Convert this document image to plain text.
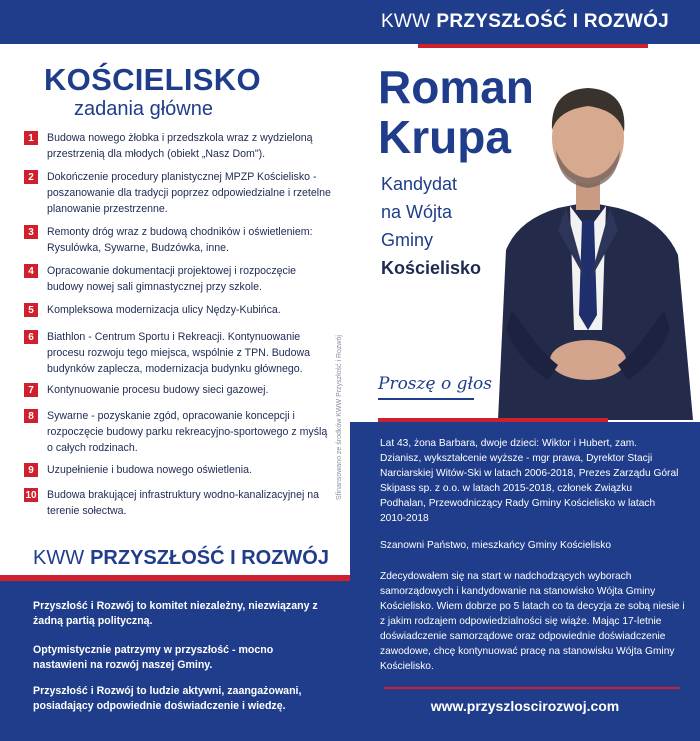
KWW PRZYSZŁOŚĆ I ROZWÓJ
KOŚCIELISKO
zadania główne
1	Budowa nowego żłobka i przedszkola wraz z wydzieloną przestrzenią dla młodych (obiekt „Nasz Dom").
2	Dokończenie procedury planistycznej MPZP Kościelisko - poszanowanie dla tradycji poprzez odpowiedzialne i rzetelne planowanie przestrzenne.
3	Remonty dróg wraz z budową chodników i oświetleniem: Rysulówka, Sywarne, Budzówka, inne.
4	Opracowanie dokumentacji projektowej i rozpoczęcie budowy nowej sali gimnastycznej przy szkole.
5	Kompleksowa modernizacja ulicy Nędzy-Kubińca.
6	Biathlon - Centrum Sportu i Rekreacji. Kontynuowanie procesu rozwoju tego miejsca, wspólnie z TPN. Budowa budynków zaplecza, modernizacja budynku głównego.
7	Kontynuowanie procesu budowy sieci gazowej.
8	Sywarne - pozyskanie zgód, opracowanie koncepcji i rozpoczęcie budowy parku rekreacyjno-sportowego z myślą o całych rodzinach.
9	Uzupełnienie i budowa nowego oświetlenia.
10 Budowa brakującej infrastruktury wodno-kanalizacyjnej na terenie sołectwa.
Sfinansowano ze środków KWW Przyszłość i Rozwój
KWW PRZYSZŁOŚĆ I ROZWÓJ
Przyszłość i Rozwój to komitet niezależny, niezwiązany z żadną partią polityczną.
Optymistycznie patrzymy w przyszłość - mocno nastawieni na rozwój naszej Gminy.
Przyszłość i Rozwój to ludzie aktywni, zaangażowani, posiadający odpowiednie doświadczenie i wiedzę.
Roman
Krupa
Kandydat
na Wójta
Gminy
Kościelisko
Proszę o głos
Lat 43, żona Barbara, dwoje dzieci: Wiktor i Hubert, zam. Dzianisz, wykształcenie wyższe - mgr prawa, Dyrektor Stacji Narciarskiej Witów-Ski w latach 2006-2018, Prezes Zarządu Góral Skipass sp. z o.o. w latach 2015-2018, członek Związku Podhalan, Przewodniczący Rady Gminy Kościelisko w latach 2010-2018
Szanowni Państwo, mieszkańcy Gminy Kościelisko
Zdecydowałem się na start w nadchodzących wyborach samorządowych i kandydowanie na stanowisko Wójta Gminy Kościelisko. Wiem dobrze po 5 latach co ta decyzja ze sobą niesie i z jakim rodzajem odpowiedzialności się wiąże. Mając 17-letnie doświadczenie samorządowe oraz odpowiednie doświadczenie zawodowe, chcę kontynuować pracę na stanowisku Wójta Gminy Kościelisko.
www.przyszloscirozwoj.com
